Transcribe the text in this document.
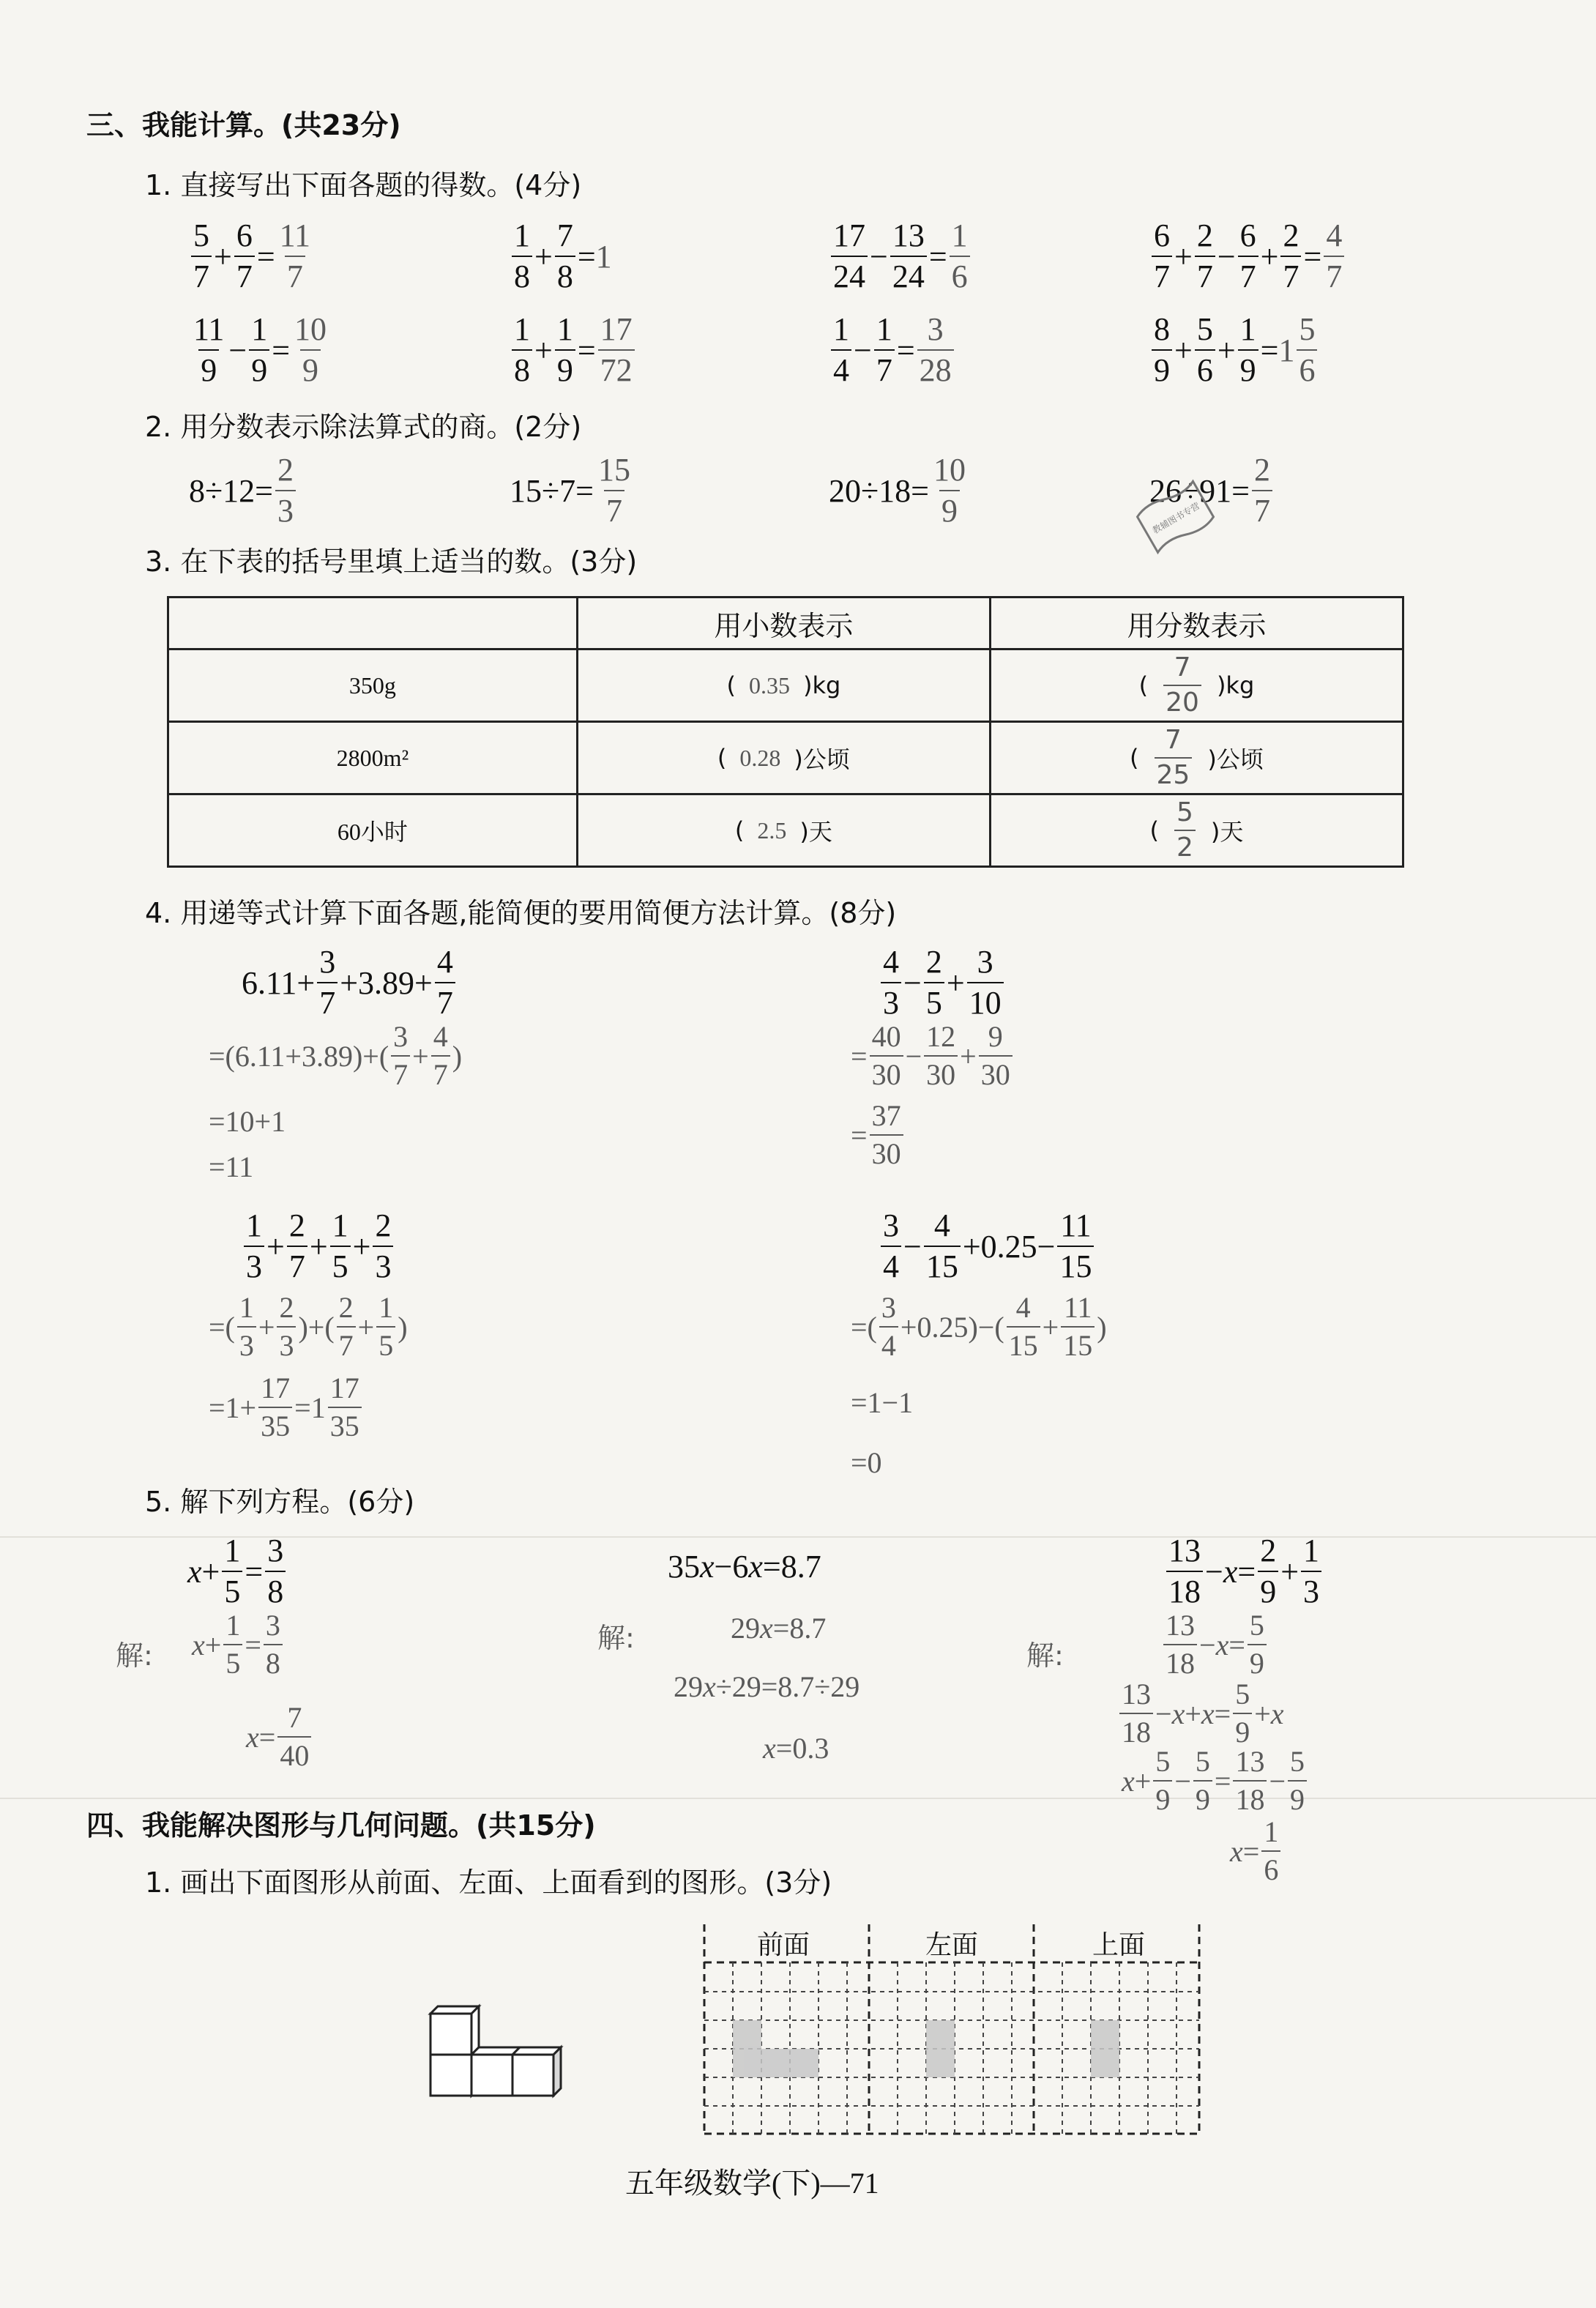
三、我能计算。(共23分)
1. 直接写出下面各题的得数。(4分)
$\frac{5}{7} + \frac{6}{7} = \frac{11}{7}$	$\frac{1}{8} + \frac{7}{8} = 1$	$\frac{17}{24} - \frac{13}{24} = \frac{1}{6}$	$\frac{6}{7} + \frac{2}{7} - \frac{6}{7} + \frac{2}{7} = \frac{4}{7}$
$\frac{11}{9} - \frac{1}{9} = \frac{10}{9}$	$\frac{1}{8} + \frac{1}{9} = \frac{17}{72}$	$\frac{1}{4} - \frac{1}{7} = \frac{3}{28}$	$\frac{8}{9} + \frac{5}{6} + \frac{1}{9} = 1 \frac{5}{6}$
2. 用分数表示除法算式的商。(2分)
$8\div 12= \frac{2}{3}$	$15\div 7= \frac{15}{7}$	$20\div 18= \frac{10}{9}$	$26\div 91= \frac{2}{7}$
教辅图书专营
3. 在下表的括号里填上适当的数。(3分)
	用小数表示	用分数表示
350g	( 0.35 )kg	( $\frac{7}{20} )kg$

2800m²	( 0.28 )公顷	( $\frac{7}{25}$ )公顷

60小时	( 2.5 )天	( $\frac{5}{2}$ )天
4. 用递等式计算下面各题,能简便的要用简便方法计算。(8分)
$6.11+ \frac{3}{7} +3.89+ \frac{4}{7}$
$=(6.11+3.89)+( \frac{3}{7} + \frac{4}{7}$ )
=10+1
=11
$\frac{4}{3} - \frac{2}{5} + \frac{3}{10}$
= $\frac{40}{30} - \frac{12}{30} + \frac{9}{30}$
= $\frac{37}{30}$
$\frac{1}{3} + \frac{2}{7} + \frac{1}{5} + \frac{2}{3}$
=( $\frac{1}{3} + \frac{2}{3}$ )+( $\frac{2}{7} + \frac{1}{5}$ )
$=1+ \frac{17}{35} = 1 \frac{17}{35}$
$\frac{3}{4} - \frac{4}{15} +0.25- \frac{11}{15}$
=( $\frac{3}{4} +0.25)-( \frac{4}{15} + \frac{11}{15}$ )
=1−1
=0
5. 解下列方程。(6分)
$x + \frac{1}{5} = \frac{3}{8}$
解: $x + \frac{1}{5} = \frac{3}{8}$
$x = \frac{7}{40}$
35 x −6 x =8.7
解:	29 x =8.7
29 x ÷29=8.7÷29
x =0.3
$\frac{13}{18} - x = \frac{2}{9} + \frac{1}{3}$
解:	$\frac{13}{18} - x = \frac{5}{9}$
$\frac{13}{18} - x + x = \frac{5}{9} + x$
$x + \frac{5}{9} - \frac{5}{9} = \frac{13}{18} - \frac{5}{9}$
$x = \frac{1}{6}$
四、我能解决图形与几何问题。(共15分)
1. 画出下面图形从前面、左面、上面看到的图形。(3分)
前面	左面	上面
五年级数学(下)—71
